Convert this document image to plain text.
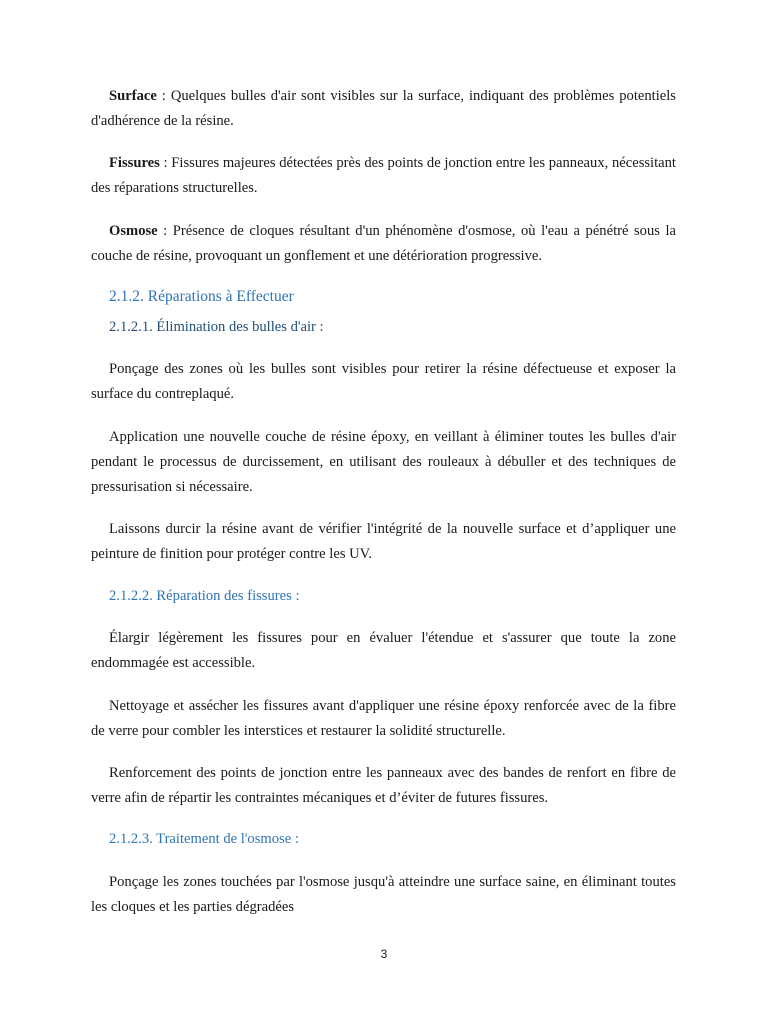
Surface : Quelques bulles d'air sont visibles sur la surface, indiquant des problèmes potentiels d'adhérence de la résine.

Fissures : Fissures majeures détectées près des points de jonction entre les panneaux, nécessitant des réparations structurelles.

Osmose : Présence de cloques résultant d'un phénomène d'osmose, où l'eau a pénétré sous la couche de résine, provoquant un gonflement et une détérioration progressive.

2.1.2. Réparations à Effectuer
2.1.2.1. Élimination des bulles d'air :

Ponçage des zones où les bulles sont visibles pour retirer la résine défectueuse et exposer la surface du contreplaqué.

Application une nouvelle couche de résine époxy, en veillant à éliminer toutes les bulles d'air pendant le processus de durcissement, en utilisant des rouleaux à débuller et des techniques de pressurisation si nécessaire.

Laissons durcir la résine avant de vérifier l'intégrité de la nouvelle surface et d’appliquer une peinture de finition pour protéger contre les UV.

2.1.2.2. Réparation des fissures :

Élargir légèrement les fissures pour en évaluer l'étendue et s'assurer que toute la zone endommagée est accessible.

Nettoyage et assécher les fissures avant d'appliquer une résine époxy renforcée avec de la fibre de verre pour combler les interstices et restaurer la solidité structurelle.

Renforcement des points de jonction entre les panneaux avec des bandes de renfort en fibre de verre afin de répartir les contraintes mécaniques et d’éviter de futures fissures.

2.1.2.3. Traitement de l'osmose :

Ponçage les zones touchées par l'osmose jusqu'à atteindre une surface saine, en éliminant toutes les cloques et les parties dégradées

3
